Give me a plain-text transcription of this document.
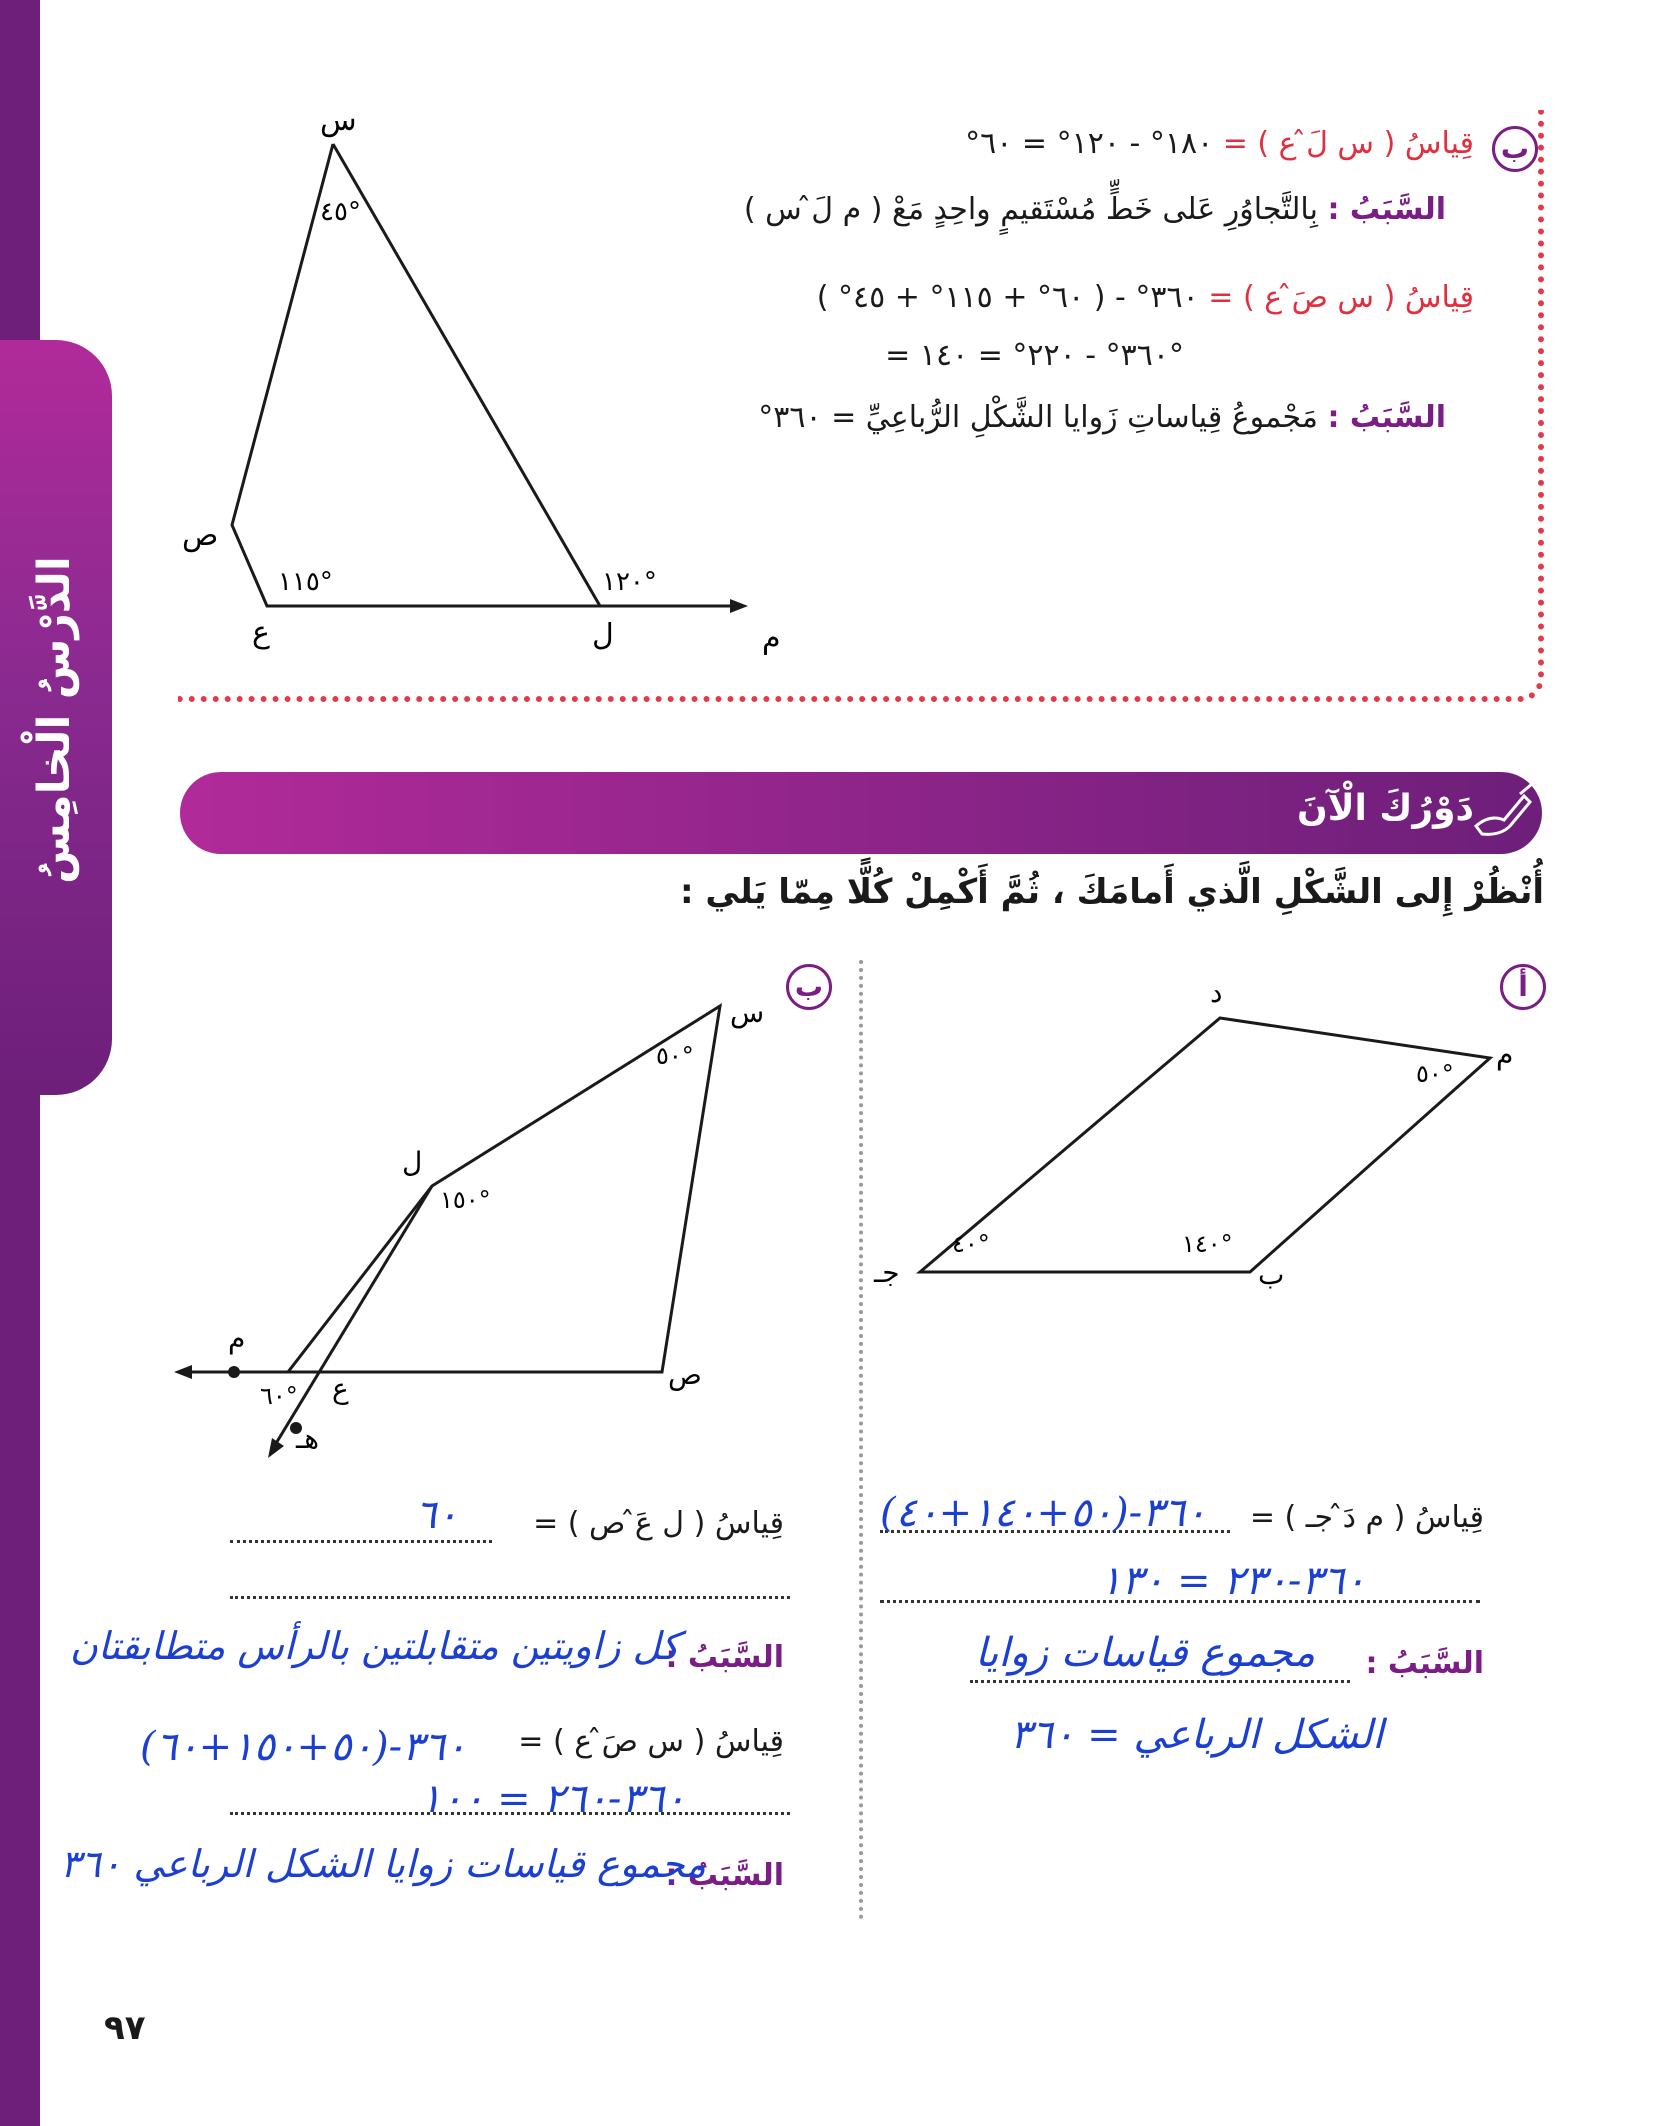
الدَّرْسُ الْخامِسُ
س
٤٥°
ص
١١٥°
ع
١٢٠°
ل	م
ب
قِياسُ ( س لَ̂ ع ) = ١٨٠° - ١٢٠° = ٦٠°
السَّبَبُ : بِالتَّجاوُرِ عَلى خَطٍّ مُسْتَقيمٍ واحِدٍ مَعْ ( م لَ̂ س )
قِياسُ ( س صَ̂ ع ) = ٣٦٠° - ( ٦٠° + ١١٥° + ٤٥° )
= ٣٦٠° - ٢٢٠° = ١٤٠°
السَّبَبُ : مَجْموعُ قِياساتِ زَوايا الشَّكْلِ الرُّباعِيِّ = ٣٦٠°
دَوْرُكَ الْآنَ
أُنْظُرْ إِلى الشَّكْلِ الَّذي أَمامَكَ ، ثُمَّ أَكْمِلْ كُلًّا مِمّا يَلي :
أ
د
م
٥٠°
١٤٠°
ب
٤٠°
جـ
قِياسُ ( م دَ̂ جـ ) =
٣٦٠-(٥٠+١٤٠+٤٠)
٣٦٠-٢٣٠ = ١٣٠
السَّبَبُ :
مجموع قياسات زوايا
الشكل الرباعي = ٣٦٠
ب
س
٥٠°
ل
١٥٠°
ص
ع
م
٦٠°
هـ
قِياسُ ( ل عَ̂ ص ) =
٦٠
السَّبَبُ :
كل زاويتين متقابلتين بالرأس متطابقتان
قِياسُ ( س صَ̂ ع ) =
٣٦٠-(٥٠+١٥٠+٦٠)
٣٦٠-٢٦٠ = ١٠٠
السَّبَبُ :
مجموع قياسات زوايا الشكل الرباعي ٣٦٠
٩٧
